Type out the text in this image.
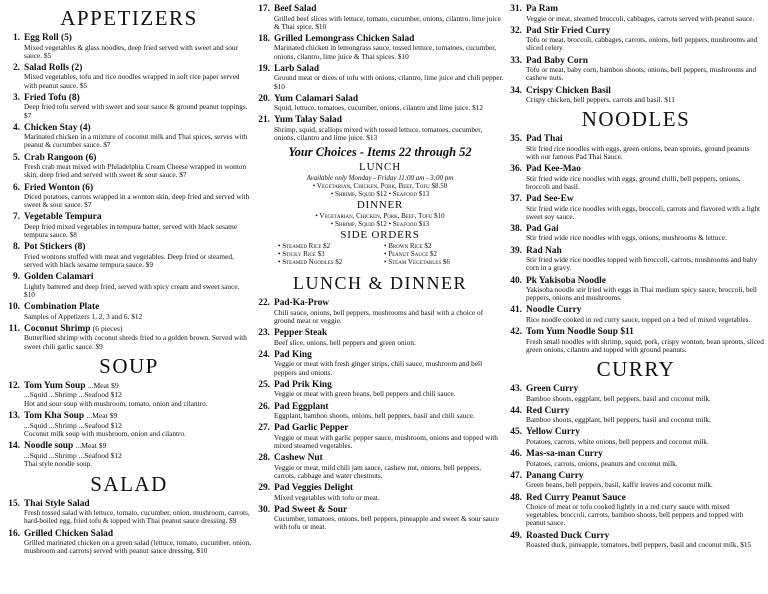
APPETIZERS
1. Egg Roll (5)
Mixed vegetables & glass noodles, deep fried served with sweet and sour sauce. $5
2. Salad Rolls (2)
Mixed vegetables, tofu and rice noodles wrapped in soft rice paper served with peanut sauce. $5
3. Fried Tofu (8)
Deep fried tofu served with sweet and sour sauce & ground peanut toppings. $7
4. Chicken Stay (4)
Marinated chicken in a mixture of coconut milk and Thai spices, serves with peanut & cucumber sauce. $7
5. Crab Rangoon (6)
Fresh crab meat mixed with Philadelphia Cream Cheese wrapped in wonton skin, deep fried and served with sweet & sour sauce. $7
6. Fried Wonton (6)
Diced potatoes, carrots wrapped in a wonton skin, deep fried and served with sweet & sour sauce. $7
7. Vegetable Tempura
Deep fried mixed vegetables in tempura batter, served with black sesame tempura sauce. $8
8. Pot Stickers (8)
Fried wontons stuffed with meat and vegetables. Deep fried or steamed, served with black sesame tempura sauce. $9
9. Golden Calamari
Lightly battered and deep fried, served with spicy cream and sweet sauce. $10
10. Combination Plate
Samples of Appetizers 1, 2, 3 and 6. $12
11. Coconut Shrimp (6 pieces)
Butterflied shrimp with coconut shreds fried to a golden brown. Served with sweet chili garlic sauce. $9
SOUP
12. Tom Yum Soup ...Meat $9
...Squid ...Shrimp ...Seafood $12
Hot and sour soup with mushroom, tomato, onion and cilantro.
13. Tom Kha Soup ...Meat $9
...Squid ...Shrimp ...Seafood $12
Coconut milk soup with mushroom, onion and cilantro.
14. Noodle soup ...Meat $9
...Squid ...Shrimp ...Seafood $12
Thai style noodle soup.
SALAD
15. Thai Style Salad
Fresh tossed salad with lettuce, tomato, cucumber, onion, mushroom, carrots, hard-boiled egg, fried tofu & topped with Thai peanut sauce dressing. $9
16. Grilled Chicken Salad
Grilled marinated chicken on a green salad (lettuce, tomato, cucumber, onion, mushroom and carrots) served with peanut sauce dressing. $10
17. Beef Salad
Grilled beef slices with lettuce, tomato, cucumber, onions, cilantro, lime juice & Thai spice. $10
18. Grilled Lemongrass Chicken Salad
Marinated chicken in lemongrass sauce, tossed lettuce, tomatoes, cucumber, onions, cilantro, lime juice & Thai spices. $10
19. Larb Salad
Ground meat or dices of tofu with onions, cilantro, lime juice and chili pepper. $10
20. Yum Calamari Salad
Squid, lettuce, tomatoes, cucumber, onions, cilantro and lime juice. $12
21. Yum Talay Salad
Shrimp, squid, scallops mixed with tossed lettuce, tomatoes, cucumber, onions, cilantro and lime juice. $13
Your Choices - Items 22 through 52
LUNCH
Available only Monday - Friday 11:00 am - 3:00 pm
• Vegetarian, Chicken, Pork, Beef, Tofu $8.50
• Shrimp, Squid $12 • Seafood $13
DINNER
• Vegetarian, Chicken, Pork, Beef, Tofu $10
• Shrimp, Squid $12 • Seafood $13
SIDE ORDERS
• Steamed Rice $2	• Brown Rice $2
• Sticky Rice $3	• Peanut Sauce $2
• Steamed Noodles $2	• Steam Vegetables $6
LUNCH & DINNER
22. Pad-Ka-Prow
Chili sauce, onions, bell peppers, mushrooms and basil with a choice of ground meat or veggie.
23. Pepper Steak
Beef slice, onions, bell peppers and green onion.
24. Pad King
Veggie or meat with fresh ginger strips, chili sauce, mushroom and bell peppers and onions.
25. Pad Prik King
Veggie or meat with green beans, bell peppers and chili sauce.
26. Pad Eggplant
Eggplant, bamboo shoots, onions, bell peppers, basil and chili sauce.
27. Pad Garlic Pepper
Veggie or meat with garlic pepper sauce, mushroom, onions and topped with mixed steamed vegetables.
28. Cashew Nut
Veggie or meat, mild chili jam sauce, cashew nut, onions, bell peppers, carrots, cabbage and water chestnuts.
29. Pad Veggies Delight
Mixed vegetables with tofu or meat.
30. Pad Sweet & Sour
Cucumber, tomatoes, onions, bell peppers, pineapple and sweet & sour sauce with tofu or meat.
31. Pa Ram
Veggie or meat, steamed broccoli, cabbages, carrots served with peanut sauce.
32. Pad Stir Fried Curry
Tofu or meat, broccoli, cabbages, carrots, onions, bell peppers, mushrooms and sliced celery.
33. Pad Baby Corn
Tofu or meat, baby corn, bamboo shoots, onions, bell peppers, mushrooms and cashew nuts.
34. Crispy Chicken Basil
Crispy chicken, bell peppers, carrots and basil. $11
NOODLES
35. Pad Thai
Stir fried rice noodles with eggs, green onions, bean sprouts, ground peanuts with our famous Pad Thai Sauce.
36. Pad Kee-Mao
Stir fried wide rice noodles with eggs, ground chilli, bell peppers, onions, broccoli and basil.
37. Pad See-Ew
Stir fried wide rice noodles with eggs, broccoli, carrots and flavored with a light sweet soy sauce.
38. Pad Gai
Stir fried wide rice noodles with eggs, onions, mushrooms & lettuce.
39. Rad Nah
Stir fried wide rice noodles topped with broccoli, carrots, mushrooms and baby corn in a gravy.
40. Pk Yakisoba Noodle
Yakisoba noodle stir fried with eggs in Thai medium spicy sauce, broccoli, bell peppers, onions and mushrooms.
41. Noodle Curry
Rice noodle cooked in red curry sauce, topped on a bed of mixed vegetables.
42. Tom Yum Noodle Soup $11
Fresh small noodles with shrimp, squid, pork, crispy wonton, bean sprouts, sliced green onions, cilantro and topped with ground peanuts.
CURRY
43. Green Curry
Bamboo shoots, eggplant, bell peppers, basil and coconut milk.
44. Red Curry
Bamboo shoots, eggplant, bell peppers, basil and coconut milk.
45. Yellow Curry
Potatoes, carrots, white onions, bell peppers and coconut milk.
46. Mas-sa-man Curry
Potatoes, carrots, onions, peanuts and coconut milk.
47. Panang Curry
Green beans, bell peppers, basil, kaffir leaves and coconut milk.
48. Red Curry Peanut Sauce
Choice of meat or tofu cooked lightly in a red curry sauce with mixed vegetables, broccoli, carrots, bamboo shoots, bell peppers and topped with peanut sauce.
49. Roasted Duck Curry
Roasted duck, pineapple, tomatoes, bell peppers, basil and coconut milk. $15
